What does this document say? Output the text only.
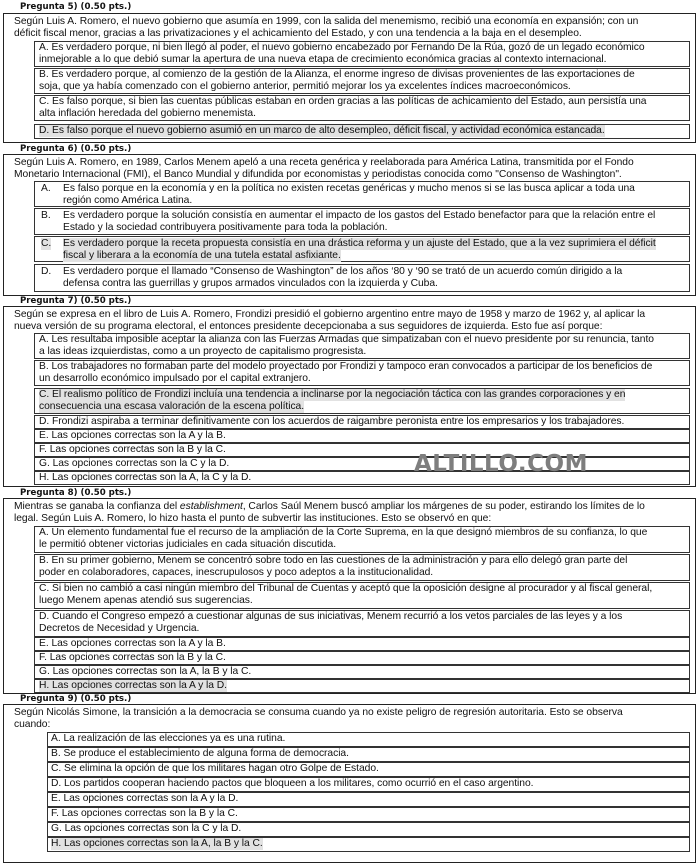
Pregunta 5) (0.50 pts.)
Según Luis A. Romero, el nuevo gobierno que asumía en 1999, con la salida del menemismo, recibió una economía en expansión; con un
déficit fiscal menor, gracias a las privatizaciones y el achicamiento del Estado, y con una tendencia a la baja en el desempleo.
A. Es verdadero porque, ni bien llegó al poder, el nuevo gobierno encabezado por Fernando De la Rúa, gozó de un legado económico
inmejorable a lo que debió sumar la apertura de una nueva etapa de crecimiento económica gracias al contexto internacional.
B. Es verdadero porque, al comienzo de la gestión de la Alianza, el enorme ingreso de divisas provenientes de las exportaciones de
soja, que ya había comenzado con el gobierno anterior, permitió mejorar los ya excelentes índices macroeconómicos.
C. Es falso porque, si bien las cuentas públicas estaban en orden gracias a las políticas de achicamiento del Estado, aun persistía una
alta inflación heredada del gobierno menemista.
D. Es falso porque el nuevo gobierno asumió en un marco de alto desempleo, déficit fiscal, y actividad económica estancada.
Pregunta 6) (0.50 pts.)
Según Luis A. Romero, en 1989, Carlos Menem apeló a una receta genérica y reelaborada para América Latina, transmitida por el Fondo
Monetario Internacional (FMI), el Banco Mundial y difundida por economistas y periodistas conocida como "Consenso de Washington".
A. Es falso porque en la economía y en la política no existen recetas genéricas y mucho menos si se las busca aplicar a toda una
región como América Latina.
B. Es verdadero porque la solución consistía en aumentar el impacto de los gastos del Estado benefactor para que la relación entre el
Estado y la sociedad contribuyera positivamente para toda la población.
C. Es verdadero porque la receta propuesta consistía en una drástica reforma y un ajuste del Estado, que a la vez suprimiera el déficit
fiscal y liberara a la economía de una tutela estatal asfixiante.
D. Es verdadero porque el llamado “Consenso de Washington” de los años ‘80 y ‘90 se trató de un acuerdo común dirigido a la
defensa contra las guerrillas y grupos armados vinculados con la izquierda y Cuba.
Pregunta 7) (0.50 pts.)
Según se expresa en el libro de Luis A. Romero, Frondizi presidió el gobierno argentino entre mayo de 1958 y marzo de 1962 y, al aplicar la
nueva versión de su programa electoral, el entonces presidente decepcionaba a sus seguidores de izquierda. Esto fue así porque:
A. Les resultaba imposible aceptar la alianza con las Fuerzas Armadas que simpatizaban con el nuevo presidente por su renuncia, tanto
a las ideas izquierdistas, como a un proyecto de capitalismo progresista.
B. Los trabajadores no formaban parte del modelo proyectado por Frondizi y tampoco eran convocados a participar de los beneficios de
un desarrollo económico impulsado por el capital extranjero.
C. El realismo político de Frondizi incluía una tendencia a inclinarse por la negociación táctica con las grandes corporaciones y en
consecuencia una escasa valoración de la escena política.
D. Frondizi aspiraba a terminar definitivamente con los acuerdos de raigambre peronista entre los empresarios y los trabajadores.
E. Las opciones correctas son la A y la B.
F. Las opciones correctas son la B y la C.
G. Las opciones correctas son la C y la D.
H. Las opciones correctas son la A, la C y la D.
Pregunta 8) (0.50 pts.)
Mientras se ganaba la confianza del establishment, Carlos Saúl Menem buscó ampliar los márgenes de su poder, estirando los límites de lo
legal. Según Luis A. Romero, lo hizo hasta el punto de subvertir las instituciones. Esto se observó en que:
A. Un elemento fundamental fue el recurso de la ampliación de la Corte Suprema, en la que designó miembros de su confianza, lo que
le permitió obtener victorias judiciales en cada situación discutida.
B. En su primer gobierno, Menem se concentró sobre todo en las cuestiones de la administración y para ello delegó gran parte del
poder en colaboradores, capaces, inescrupulosos y poco adeptos a la institucionalidad.
C. Si bien no cambió a casi ningún miembro del Tribunal de Cuentas y aceptó que la oposición designe al procurador y al fiscal general,
luego Menem apenas atendió sus sugerencias.
D. Cuando el Congreso empezó a cuestionar algunas de sus iniciativas, Menem recurrió a los vetos parciales de las leyes y a los
Decretos de Necesidad y Urgencia.
E. Las opciones correctas son la A y la B.
F. Las opciones correctas son la B y la C.
G. Las opciones correctas son la A, la B y la C.
H. Las opciones correctas son la A y la D.
Pregunta 9) (0.50 pts.)
Según Nicolás Simone, la transición a la democracia se consuma cuando ya no existe peligro de regresión autoritaria. Esto se observa
cuando:
A. La realización de las elecciones ya es una rutina.
B. Se produce el establecimiento de alguna forma de democracia.
C. Se elimina la opción de que los militares hagan otro Golpe de Estado.
D. Los partidos cooperan haciendo pactos que bloqueen a los militares, como ocurrió en el caso argentino.
E. Las opciones correctas son la A y la D.
F. Las opciones correctas son la B y la C.
G. Las opciones correctas son la C y la D.
H. Las opciones correctas son la A, la B y la C.
ALTILLO.COM
